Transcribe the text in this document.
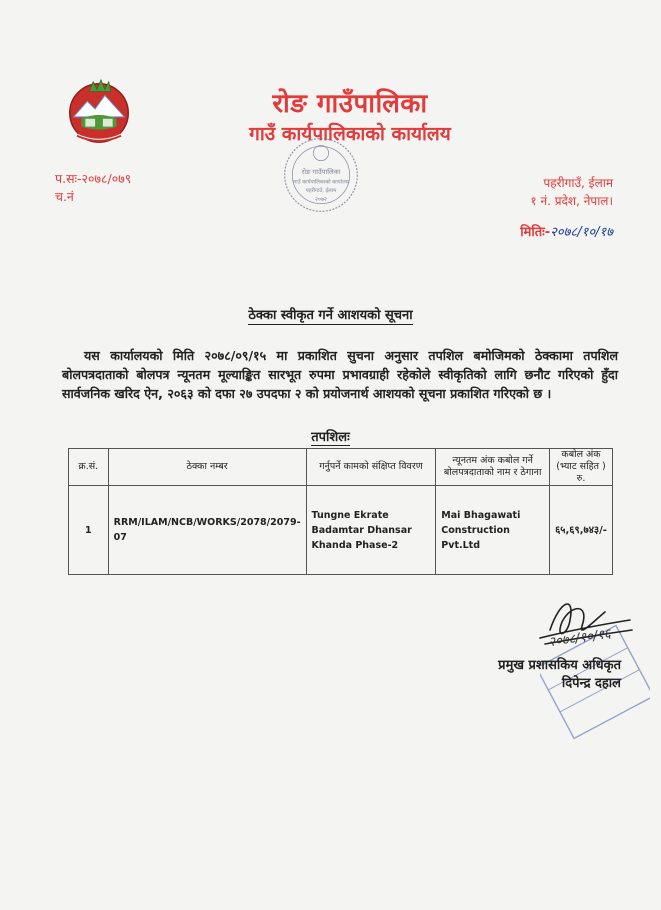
रोङ गाउँपालिका
गाउँ कार्यपालिकाको कार्यालय
रोङ गाउँपालिका
गाउँ कार्यपालिकाको कार्यालय
पहरीगाउँ, ईलाम
२०७२
प.सः-२०७८/०७९
च.नं
पहरीगाउँ, ईलाम
१ नं. प्रदेश, नेपाल।
मितिः-२०७८/१०/१७
ठेक्का स्वीकृत गर्ने आशयको सूचना
यस कार्यालयको मिति २०७८/०९/१५ मा प्रकाशित सुचना अनुसार तपशिल बमोजिमको ठेक्कामा तपशिल बोलपत्रदाताको बोलपत्र न्यूनतम मूल्याङ्कित सारभूत रुपमा प्रभावग्राही रहेकोले स्वीकृतिको लागि छनौट गरिएको हुँदा सार्वजनिक खरिद ऐन, २०६३ को दफा २७ उपदफा २ को प्रयोजनार्थ आशयको सूचना प्रकाशित गरिएको छ ।
तपशिलः
क्र.सं.	ठेक्का नम्बर	गर्नुपर्ने कामको संक्षिप्त विवरण	न्यूनतम अंक कबोल गर्ने बोलपत्रदाताको नाम र ठेगाना	कबोल अंक (भ्याट सहित ) रु.
1	RRM/ILAM/NCB/WORKS/2078/2079-07	Tungne Ekrate Badamtar Dhansar Khanda Phase-2	Mai Bhagawati Construction Pvt.Ltd	६५,६९,७४३/-
२०७८/१०/१६
प्रमुख प्रशासकिय अधिकृत
दिपेन्द्र दहाल
